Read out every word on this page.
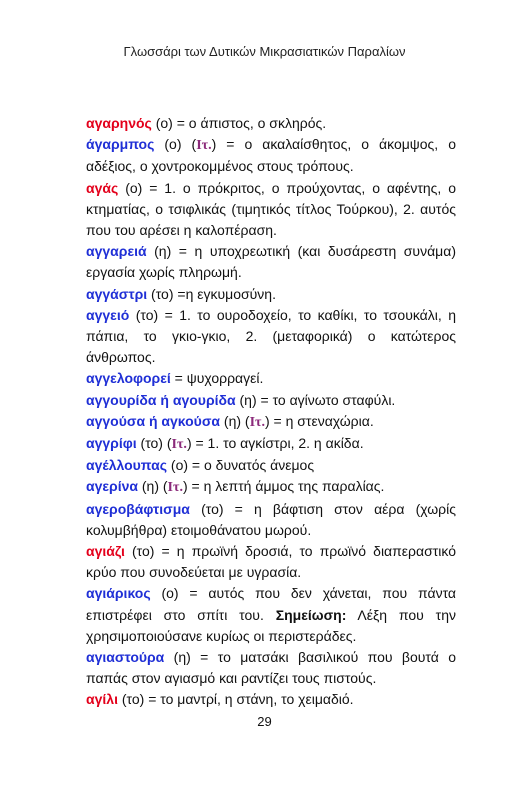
Γλωσσάρι των Δυτικών Μικρασιατικών Παραλίων

αγαρηνός (ο) = ο άπιστος, ο σκληρός.

άγαρμπος (ο) (Ιτ.) = ο ακαλαίσθητος, ο άκομψος, ο αδέξιος, ο χοντροκομμένος στους τρόπους.

αγάς (ο) = 1. ο πρόκριτος, ο προύχοντας, ο αφέντης, ο κτηματίας, ο τσιφλικάς (τιμητικός τίτλος Τούρκου), 2. αυτός που του αρέσει η καλοπέραση.

αγγαρειά (η) = η υποχρεωτική (και δυσάρεστη συνάμα) εργασία χωρίς πληρωμή.

αγγάστρι (το) =η εγκυμοσύνη.

αγγειό (το) = 1. το ουροδοχείο, το καθίκι, το τσουκάλι, η πάπια, το γκιο-γκιο, 2. (μεταφορικά) ο κατώτερος άνθρωπος.

αγγελοφορεί = ψυχορραγεί.

αγγουρίδα ή αγουρίδα (η) = το αγίνωτο σταφύλι.

αγγούσα ή αγκούσα (η) (Ιτ.) = η στεναχώρια.

αγγρίφι (το) (Ιτ.) = 1. το αγκίστρι, 2. η ακίδα.

αγέλλουπας (ο) = ο δυνατός άνεμος

αγερίνα (η) (Ιτ.) = η λεπτή άμμος της παραλίας.

αγεροβάφτισμα (το) = η βάφτιση στον αέρα (χωρίς κολυμβήθρα) ετοιμοθάνατου μωρού.

αγιάζι (το) = η πρωϊνή δροσιά, το πρωϊνό διαπεραστικό κρύο που συνοδεύεται με υγρασία.

αγιάρικος (ο) = αυτός που δεν χάνεται, που πάντα επιστρέφει στο σπίτι του. Σημείωση: Λέξη που την χρησιμοποιούσανε κυρίως οι περιστεράδες.

αγιαστούρα (η) = το ματσάκι βασιλικού που βουτά ο παπάς στον αγιασμό και ραντίζει τους πιστούς.

αγίλι (το) = το μαντρί, η στάνη, το χειμαδιό.

29
